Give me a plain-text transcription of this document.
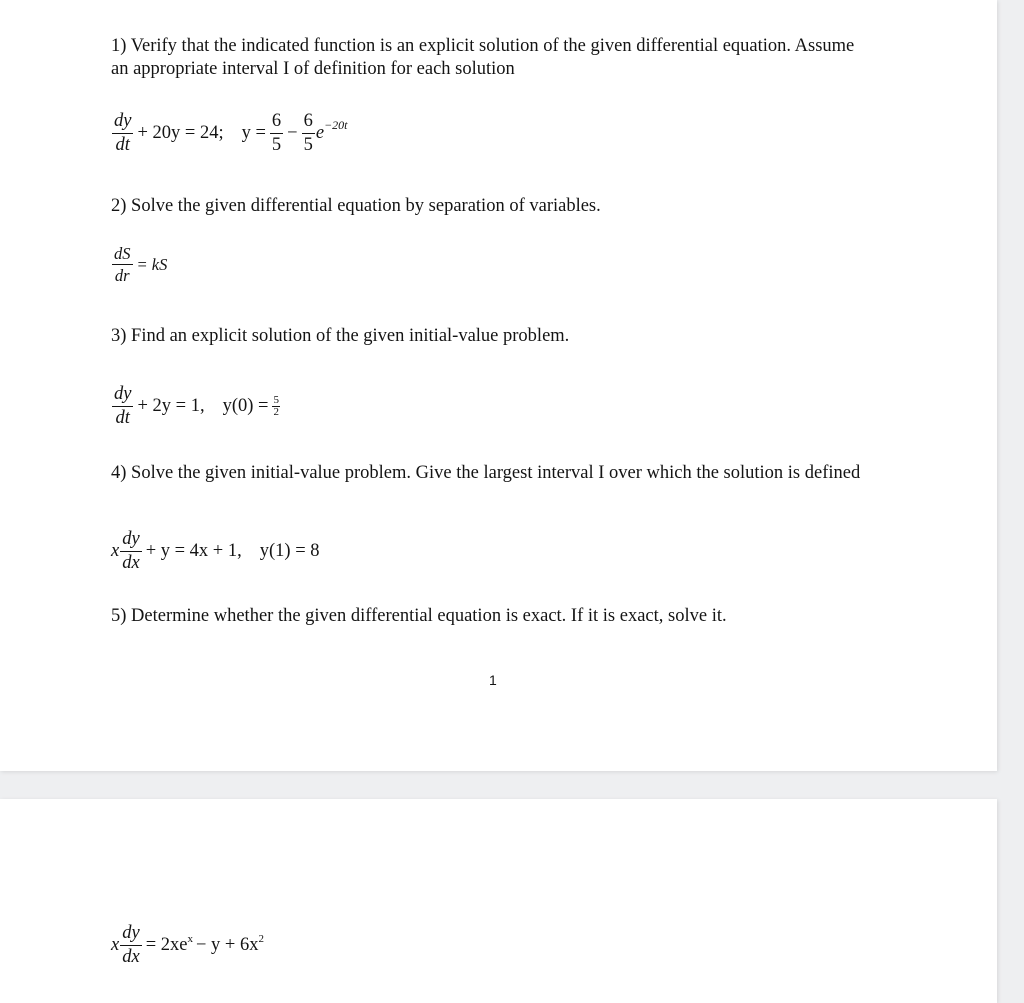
1) Verify that the indicated function is an explicit solution of the given differential equation. Assume an appropriate interval I of definition for each solution
$\frac{dy}{dt} + 20y = 24$; $y = \frac{6}{5} - \frac{6}{5}$ e −20t
2) Solve the given differential equation by separation of variables.
$\frac{dS}{dr}$ = kS
3) Find an explicit solution of the given initial-value problem.
$\frac{dy}{dt} + 2y = 1$, $y(0) = \frac{5}{2}$
4) Solve the given initial-value problem. Give the largest interval I over which the solution is defined
x $\frac{dy}{dx} + y = 4x + 1$, y(1) = 8
5) Determine whether the given differential equation is exact. If it is exact, solve it.
1
x $\frac{dy}{dx} = 2xe$ x − y + 6x 2
